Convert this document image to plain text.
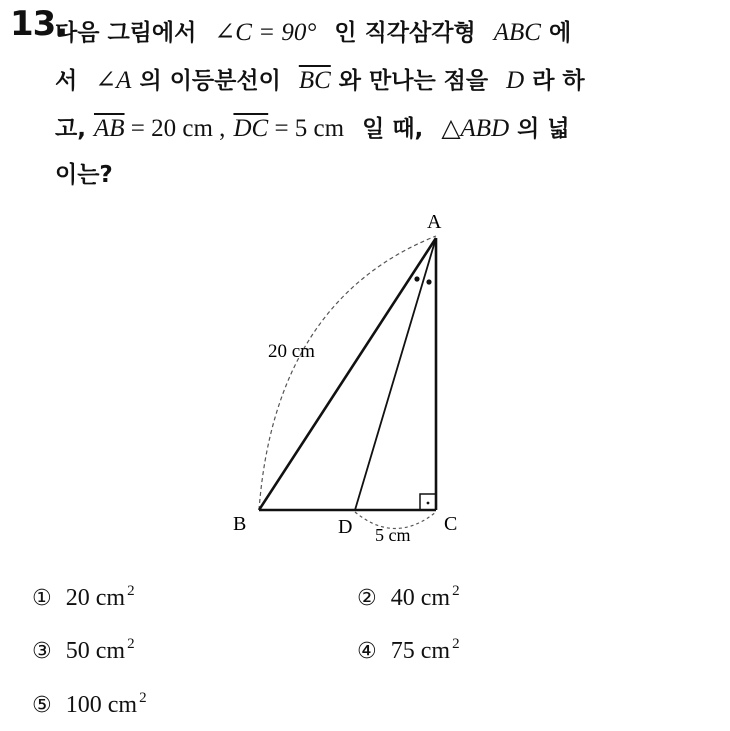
13.
다음 그림에서 ∠C = 90° 인 직각삼각형 ABC 에
서 ∠A 의 이등분선이 $\overline{BC}$ 와 만나는 점을 D 라 하
고, $\overline{AB} = 20$ cm , $\overline{DC} = 5$ cm 일 때, △ABD 의 넓
이는?
A
B	C
D
20 cm
5 cm
① 20 cm $^2$	② 40 cm $^2$
③ 50 cm $^2$	④ 75 cm $^2$
⑤ 100 cm $^2$
